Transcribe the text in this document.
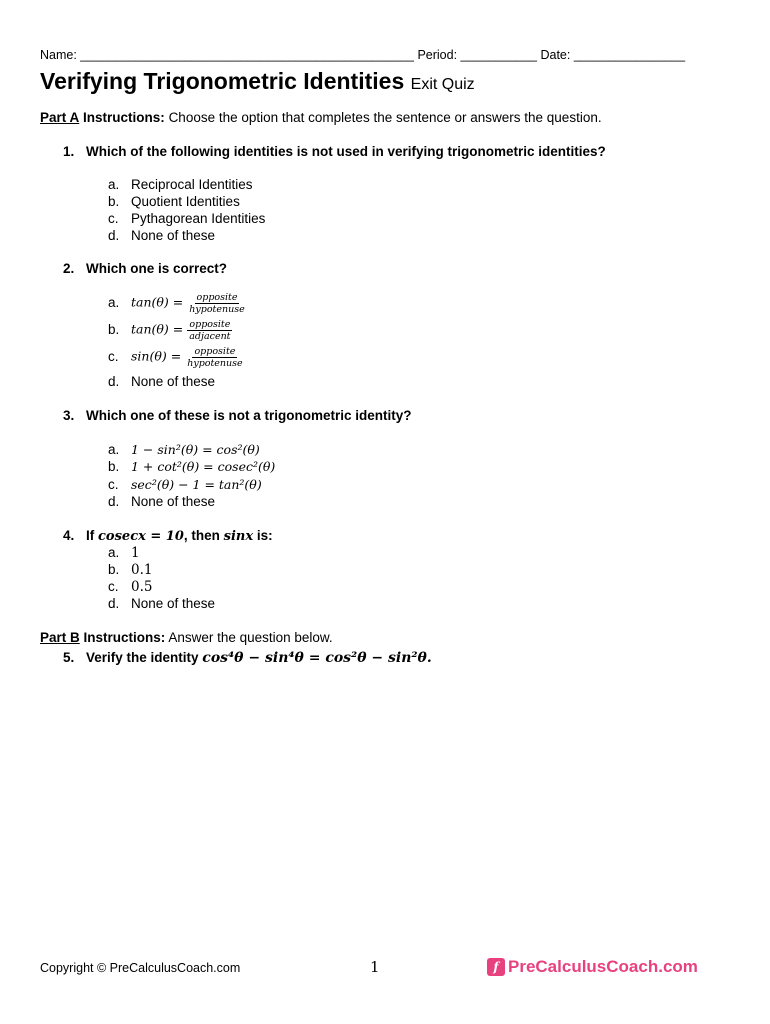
Name: ________________________________________________ Period: ___________ Date: ________________
Verifying Trigonometric Identities Exit Quiz
Part A Instructions: Choose the option that completes the sentence or answers the question.
1. Which of the following identities is not used in verifying trigonometric identities?
a. Reciprocal Identities
b. Quotient Identities
c. Pythagorean Identities
d. None of these
2. Which one is correct?
a. $\tan(\theta) = \frac{\text{opposite}}{\text{hypotenuse}}$
b. $\tan(\theta) = \frac{\text{opposite}}{\text{adjacent}}$
c. $\sin(\theta) = \frac{\text{opposite}}{\text{hypotenuse}}$
d. None of these
3. Which one of these is not a trigonometric identity?
a. 1 − sin²(θ) = cos²(θ)
b. 1 + cot²(θ) = cosec²(θ)
c. sec²(θ) − 1 = tan²(θ)
d. None of these
4. If cosecx = 10, then sinx is:
a. 1
b. 0.1
c. 0.5
d. None of these
Part B Instructions: Answer the question below.
5. Verify the identity cos⁴θ − sin⁴θ = cos²θ − sin²θ.
Copyright © PreCalculusCoach.com	1	f PreCalculusCoach.com
